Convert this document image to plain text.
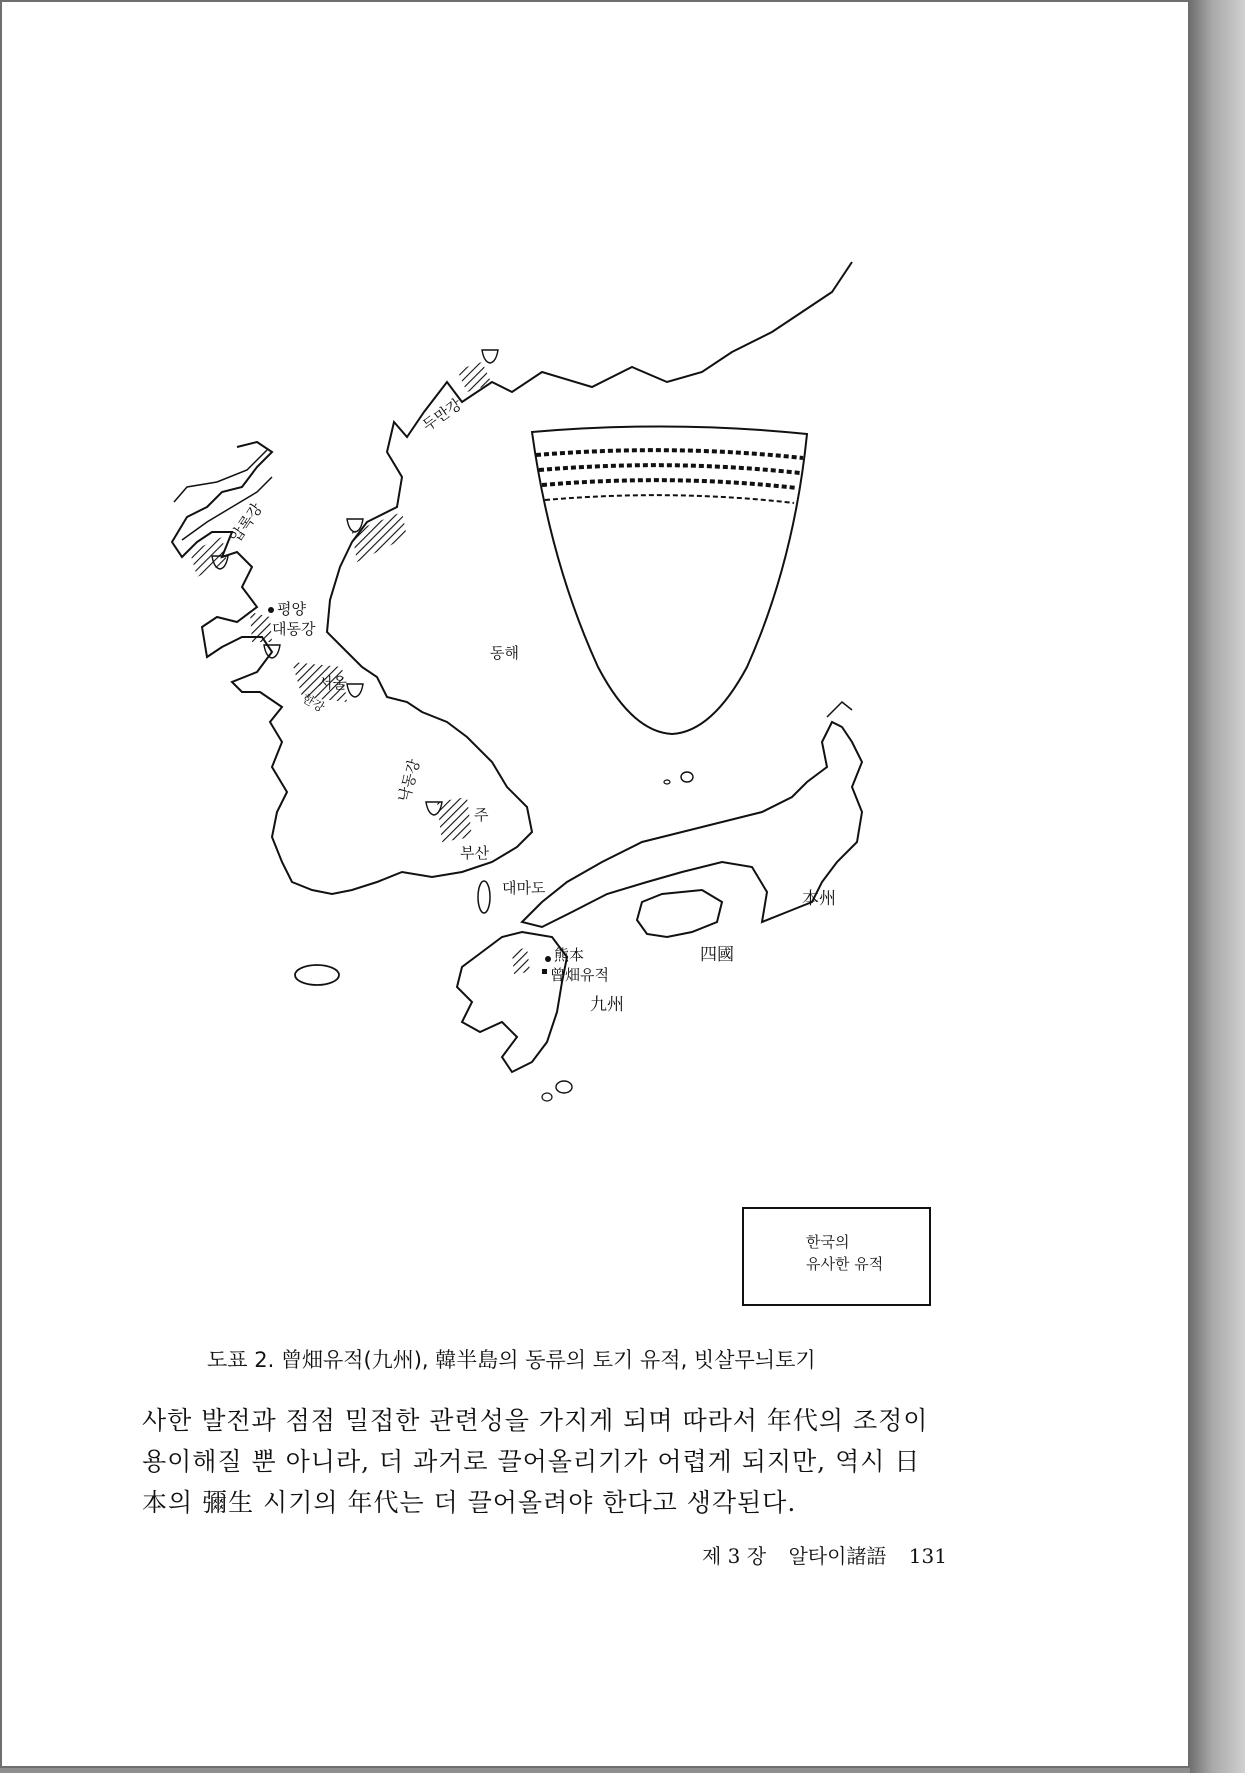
두만강
압록강
평양
대동강
서울
한강
동해
낙동강
주
부산
대마도
本州
四國
熊本
曾畑유적
九州
한국의
유사한 유적
도표 2. 曾畑유적(九州), 韓半島의 동류의 토기 유적, 빗살무늬토기

사한 발전과 점점 밀접한 관련성을 가지게 되며 따라서 年代의 조정이

용이해질 뿐 아니라, 더 과거로 끌어올리기가 어렵게 되지만, 역시 日

本의 彌生 시기의 年代는 더 끌어올려야 한다고 생각된다.

제 3 장 알타이諸語 131
